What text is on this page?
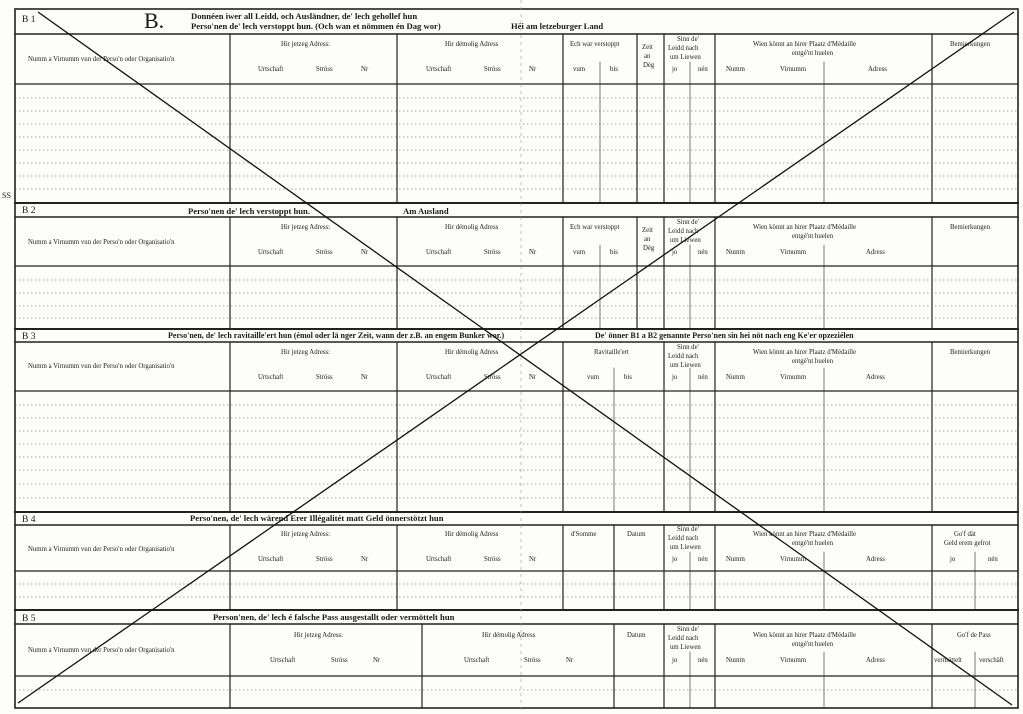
B 1	B.	Donnéen iwer all Leidd, och Ausländner, de' lech gehollef hun
Perso'nen de' lech verstoppt hun. (Och wan et nömmen én Dag wor)	Héi am letzeburger Land
SS
Numm a Virnumm vun der Perso'n oder Organisatio'n
Hir jetzeg Adress:
Urtschaft	Ströss	Nr
Hir démolig Adress
Urtschaft	Ströss	Nr
Ech war verstoppt
vum	bis
Zeit
an
Dég
Sinn de'
Leidd nach
um Liewen
jo	nén
Wien könnt an hirer Plaatz d'Médaille
entgé'nt huelen
Numm	Virnumm	Adress
Bemierkungen
B 2	Perso'nen de' lech verstoppt hun.	Am Ausland
Numm a Virnumm vun der Perso'n oder Organisatio'n
Hir jetzeg Adress:
Urtschaft	Ströss	Nr
Hir démolig Adress
Urtschaft	Ströss	Nr
Ech war verstoppt
vum	bis
Zeit
an
Dég
Sinn de'
Leidd nach
um Liewen
jo	nén
Wien könnt an hirer Plaatz d'Médaille
entgé'nt huelen
Numm	Virnumm	Adress
Bemierkungen
B 3	Perso'nen, de' lech ravitaille'ert hun (émol oder lä nger Zeit, wann der z.B. an engem Bunker wor.)	De' önner B1 a B2 genannte Perso'nen sin hei nöt nach eng Ke'er opzeziélen
Numm a Virnumm vun der Perso'n oder Organisatio'n
Hir jetzeg Adress:
Urtschaft	Ströss	Nr
Hir démolig Adress
Urtschaft	Ströss	Nr
Ravitaille'ert
vum	bis
Sinn de'
Leidd nach
um Liewen
jo	nén
Wien könnt an hirer Plaatz d'Médaille
entgé'nt huelen
Numm	Virnumm	Adress
Bemierkungen
B 4	Perso'nen, de' lech wärend Erer Illégalitét matt Geld önnerstötzt hun
Numm a Virnumm vun der Perso'n oder Organisatio'n
Hir jetzeg Adress:
Urtschaft	Ströss	Nr
Hir démolig Adress
Urtschaft	Ströss	Nr
d'Somme	Datum
Sinn de'
Leidd nach
um Liewen
jo	nén
Wien könnt an hirer Plaatz d'Médaille
entgé'nt huelen
Numm	Virnumm	Adress
Go'f dät
Geld erem gefrot
jo	nén
B 5	Person'nen, de' lech é falsche Pass ausgestallt oder vermöttelt hun
Numm a Virnumm vun der Perso'n oder Organisatio'n
Hir jetzeg Adress:
Urtschaft	Ströss	Nr
Hir démolig Adress
Urtschaft	Ströss	Nr
Datum
Sinn de'
Leidd nach
um Liewen
jo	nén
Wien könnt an hirer Plaatz d'Médaille
entgé'nt huelen
Numm	Virnumm	Adress
Go'f de Pass
vermöttelt	verschäft
